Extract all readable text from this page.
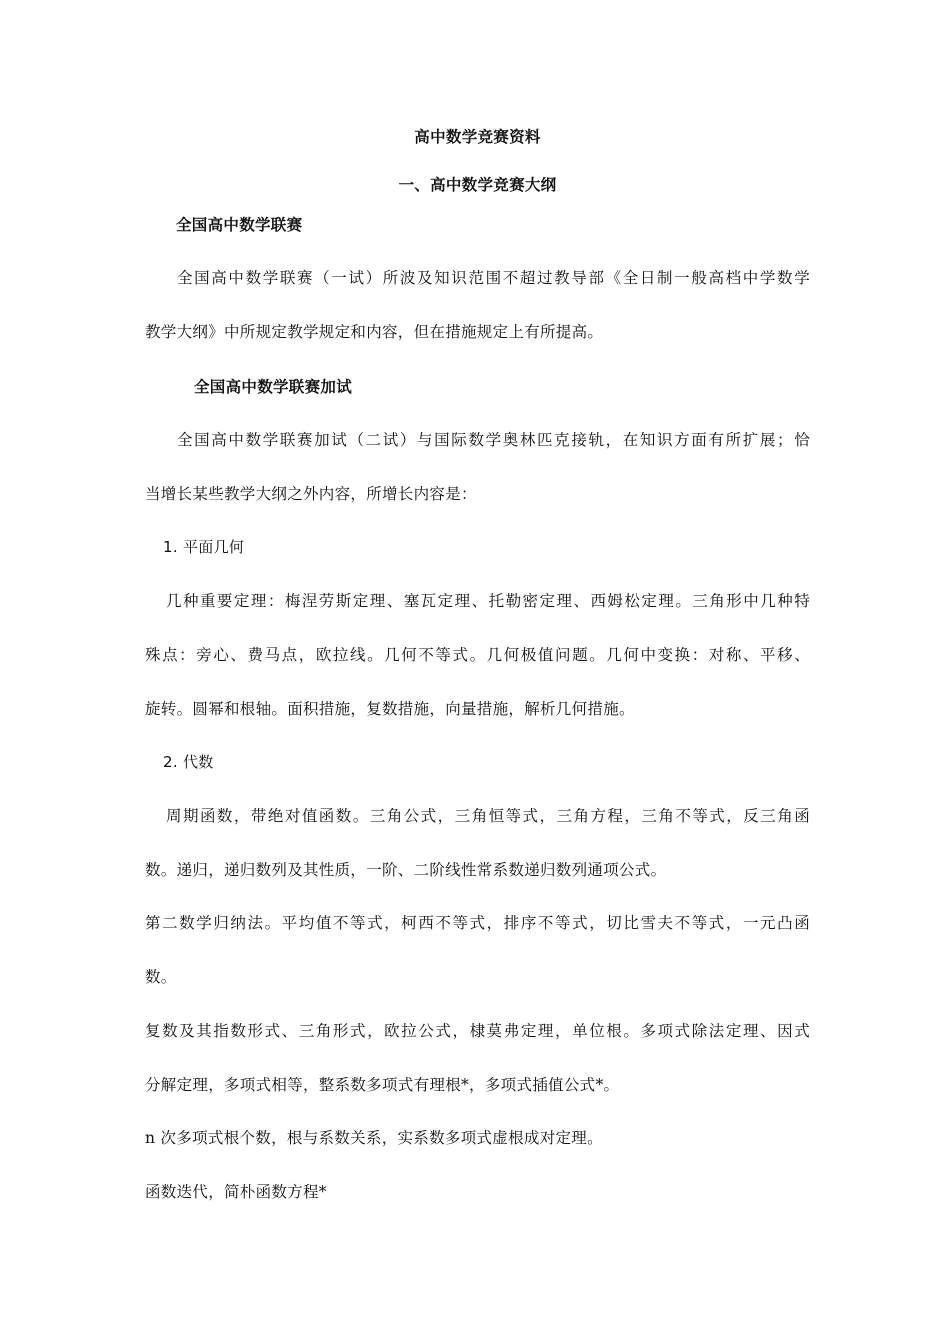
高中数学竞赛资料
一、高中数学竞赛大纲
全国高中数学联赛
全国高中数学联赛（一试）所波及知识范围不超过教导部《全日制一般高档中学数学
教学大纲》中所规定教学规定和内容，但在措施规定上有所提高。
全国高中数学联赛加试
全国高中数学联赛加试（二试）与国际数学奥林匹克接轨，在知识方面有所扩展；恰
当增长某些教学大纲之外内容，所增长内容是：
1. 平面几何
几种重要定理：梅涅劳斯定理、塞瓦定理、托勒密定理、西姆松定理。三角形中几种特
殊点：旁心、费马点，欧拉线。几何不等式。几何极值问题。几何中变换：对称、平移、
旋转。圆幂和根轴。面积措施，复数措施，向量措施，解析几何措施。
2. 代数
周期函数，带绝对值函数。三角公式，三角恒等式，三角方程，三角不等式，反三角函
数。递归，递归数列及其性质，一阶、二阶线性常系数递归数列通项公式。
第二数学归纳法。平均值不等式，柯西不等式，排序不等式，切比雪夫不等式，一元凸函
数。
复数及其指数形式、三角形式，欧拉公式，棣莫弗定理，单位根。多项式除法定理、因式
分解定理，多项式相等，整系数多项式有理根*，多项式插值公式*。
n 次多项式根个数，根与系数关系，实系数多项式虚根成对定理。
函数迭代，简朴函数方程*
